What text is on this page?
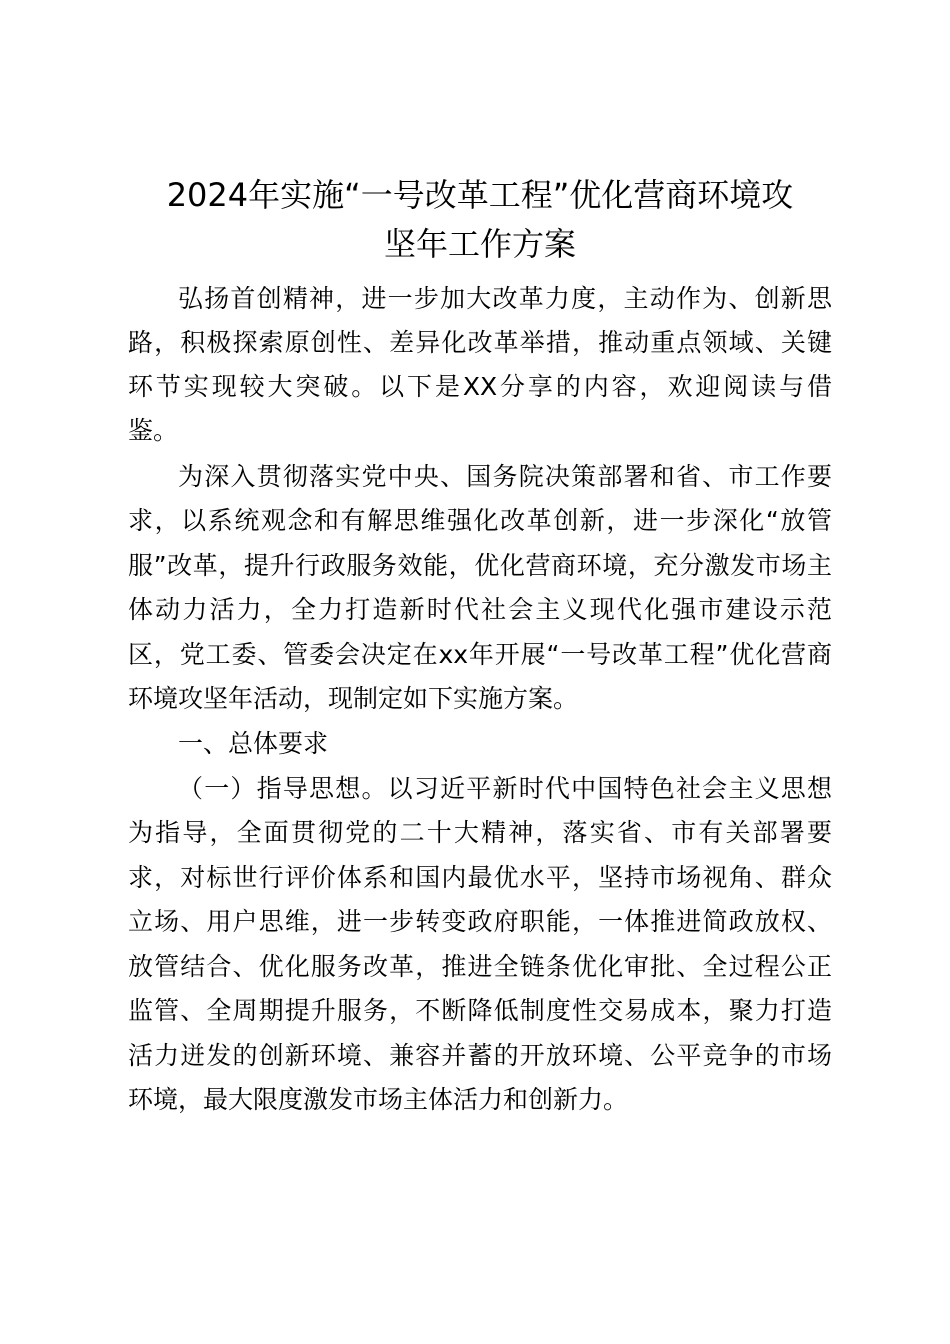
2024年实施“一号改革工程”优化营商环境攻
坚年工作方案
弘扬首创精神，进一步加大改革力度，主动作为、创新思
路，积极探索原创性、差异化改革举措，推动重点领域、关键
环节实现较大突破。以下是XX分享的内容，欢迎阅读与借
鉴。
为深入贯彻落实党中央、国务院决策部署和省、市工作要
求，以系统观念和有解思维强化改革创新，进一步深化“放管
服”改革，提升行政服务效能，优化营商环境，充分激发市场主
体动力活力，全力打造新时代社会主义现代化强市建设示范
区，党工委、管委会决定在xx年开展“一号改革工程”优化营商
环境攻坚年活动，现制定如下实施方案。
一、总体要求
（一）指导思想。以习近平新时代中国特色社会主义思想
为指导，全面贯彻党的二十大精神，落实省、市有关部署要
求，对标世行评价体系和国内最优水平，坚持市场视角、群众
立场、用户思维，进一步转变政府职能，一体推进简政放权、
放管结合、优化服务改革，推进全链条优化审批、全过程公正
监管、全周期提升服务，不断降低制度性交易成本，聚力打造
活力迸发的创新环境、兼容并蓄的开放环境、公平竞争的市场
环境，最大限度激发市场主体活力和创新力。
